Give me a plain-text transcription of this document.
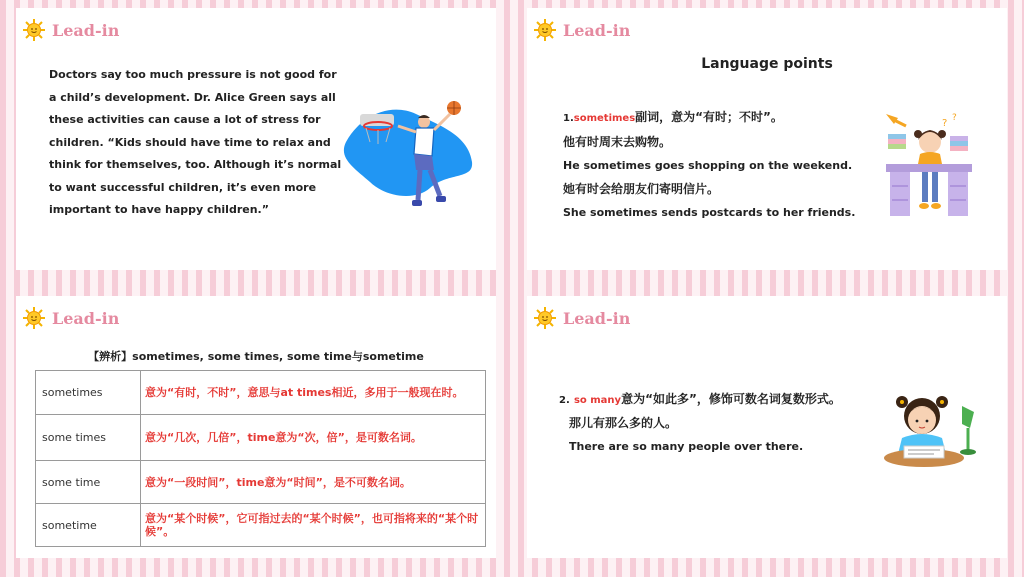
Lead-in
Doctors say too much pressure is not good for a child’s development. Dr. Alice Green says all these activities can cause a lot of stress for children. “Kids should have time to relax and think for themselves, too. Although it’s normal to want successful children, it’s even more important to have happy children.”
Lead-in
Language points
1.sometimes副词，意为“有时；不时”。
他有时周末去购物。
He sometimes goes shopping on the weekend.
她有时会给朋友们寄明信片。
She sometimes sends postcards to her friends.
? ?
Lead-in
【辨析】sometimes, some times, some time与sometime
sometimes	意为“有时，不时”，意思与at times相近，多用于一般现在时。
some times	意为“几次，几倍”，time意为“次，倍”，是可数名词。
some time	意为“一段时间”，time意为“时间”，是不可数名词。
sometime	意为“某个时候”，它可指过去的“某个时候”，也可指将来的“某个时候”。
Lead-in
2. so many意为“如此多”，修饰可数名词复数形式。
那儿有那么多的人。
There are so many people over there.
